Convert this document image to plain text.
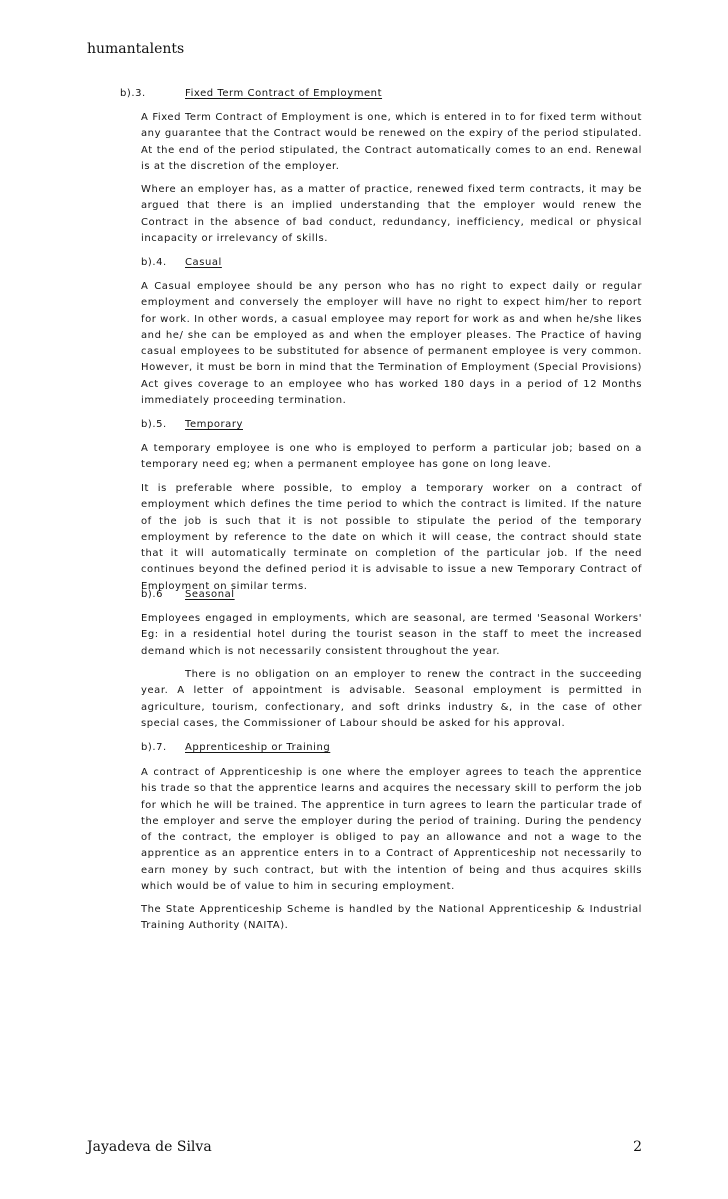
humantalents
b).3.	Fixed Term Contract of Employment

A Fixed Term Contract of Employment is one, which is entered in to for fixed term without any guarantee that the Contract would be renewed on the expiry of the period stipulated. At the end of the period stipulated, the Contract automatically comes to an end. Renewal is at the discretion of the employer.

Where an employer has, as a matter of practice, renewed fixed term contracts, it may be argued that there is an implied understanding that the employer would renew the Contract in the absence of bad conduct, redundancy, inefficiency, medical or physical incapacity or irrelevancy of skills.

b).4.	Casual

A Casual employee should be any person who has no right to expect daily or regular employment and conversely the employer will have no right to expect him/her to report for work. In other words, a casual employee may report for work as and when he/she likes and he/ she can be employed as and when the employer pleases. The Practice of having casual employees to be substituted for absence of permanent employee is very common. However, it must be born in mind that the Termination of Employment (Special Provisions) Act gives coverage to an employee who has worked 180 days in a period of 12 Months immediately proceeding termination.

b).5.	Temporary

A temporary employee is one who is employed to perform a particular job; based on a temporary need eg; when a permanent employee has gone on long leave.

It is preferable where possible, to employ a temporary worker on a contract of employment which defines the time period to which the contract is limited. If the nature of the job is such that it is not possible to stipulate the period of the temporary employment by reference to the date on which it will cease, the contract should state that it will automatically terminate on completion of the particular job. If the need continues beyond the defined period it is advisable to issue a new Temporary Contract of Employment on similar terms.

b).6	Seasonal

Employees engaged in employments, which are seasonal, are termed 'Seasonal Workers' Eg: in a residential hotel during the tourist season in the staff to meet the increased demand which is not necessarily consistent throughout the year.

There is no obligation on an employer to renew the contract in the succeeding year. A letter of appointment is advisable. Seasonal employment is permitted in agriculture, tourism, confectionary, and soft drinks industry &, in the case of other special cases, the Commissioner of Labour should be asked for his approval.

b).7.	Apprenticeship or Training

A contract of Apprenticeship is one where the employer agrees to teach the apprentice his trade so that the apprentice learns and acquires the necessary skill to perform the job for which he will be trained. The apprentice in turn agrees to learn the particular trade of the employer and serve the employer during the period of training. During the pendency of the contract, the employer is obliged to pay an allowance and not a wage to the apprentice as an apprentice enters in to a Contract of Apprenticeship not necessarily to earn money by such contract, but with the intention of being and thus acquires skills which would be of value to him in securing employment.

The State Apprenticeship Scheme is handled by the National Apprenticeship & Industrial Training Authority (NAITA).

Jayadeva de Silva	2
